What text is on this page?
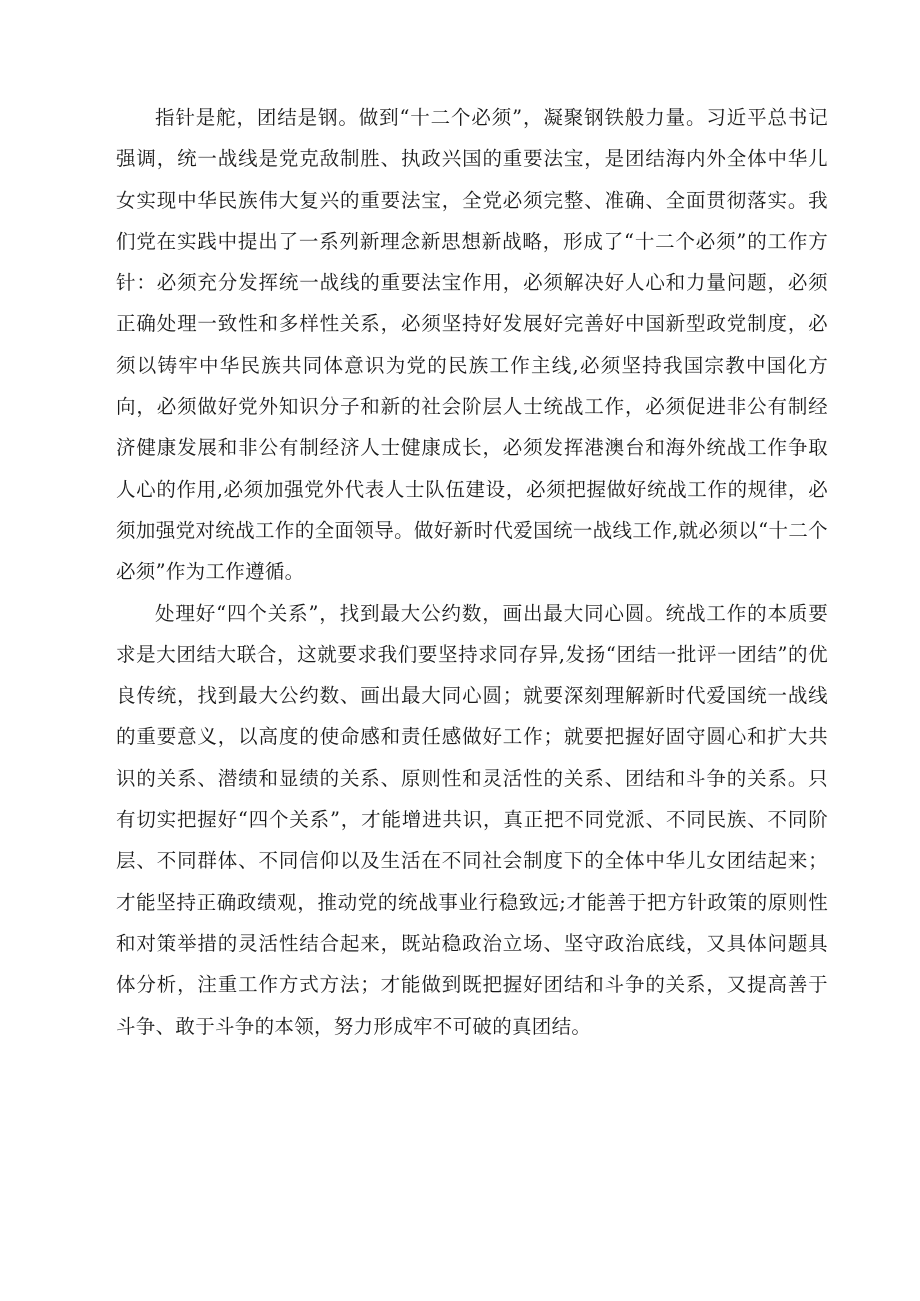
指针是舵，团结是钢。做到“十二个必须”，凝聚钢铁般力量。习近平总书记强调，统一战线是党克敌制胜、执政兴国的重要法宝，是团结海内外全体中华儿女实现中华民族伟大复兴的重要法宝，全党必须完整、准确、全面贯彻落实。我们党在实践中提出了一系列新理念新思想新战略，形成了“十二个必须”的工作方针：必须充分发挥统一战线的重要法宝作用，必须解决好人心和力量问题，必须正确处理一致性和多样性关系，必须坚持好发展好完善好中国新型政党制度，必须以铸牢中华民族共同体意识为党的民族工作主线,必须坚持我国宗教中国化方向，必须做好党外知识分子和新的社会阶层人士统战工作，必须促进非公有制经济健康发展和非公有制经济人士健康成长，必须发挥港澳台和海外统战工作争取人心的作用,必须加强党外代表人士队伍建设，必须把握做好统战工作的规律，必须加强党对统战工作的全面领导。做好新时代爱国统一战线工作,就必须以“十二个必须”作为工作遵循。

处理好“四个关系”，找到最大公约数，画出最大同心圆。统战工作的本质要求是大团结大联合，这就要求我们要坚持求同存异,发扬“团结一批评一团结”的优良传统，找到最大公约数、画出最大同心圆；就要深刻理解新时代爱国统一战线的重要意义，以高度的使命感和责任感做好工作；就要把握好固守圆心和扩大共识的关系、潜绩和显绩的关系、原则性和灵活性的关系、团结和斗争的关系。只有切实把握好“四个关系”，才能增进共识，真正把不同党派、不同民族、不同阶层、不同群体、不同信仰以及生活在不同社会制度下的全体中华儿女团结起来；才能坚持正确政绩观，推动党的统战事业行稳致远;才能善于把方针政策的原则性和对策举措的灵活性结合起来，既站稳政治立场、坚守政治底线，又具体问题具体分析，注重工作方式方法；才能做到既把握好团结和斗争的关系，又提高善于斗争、敢于斗争的本领，努力形成牢不可破的真团结。
